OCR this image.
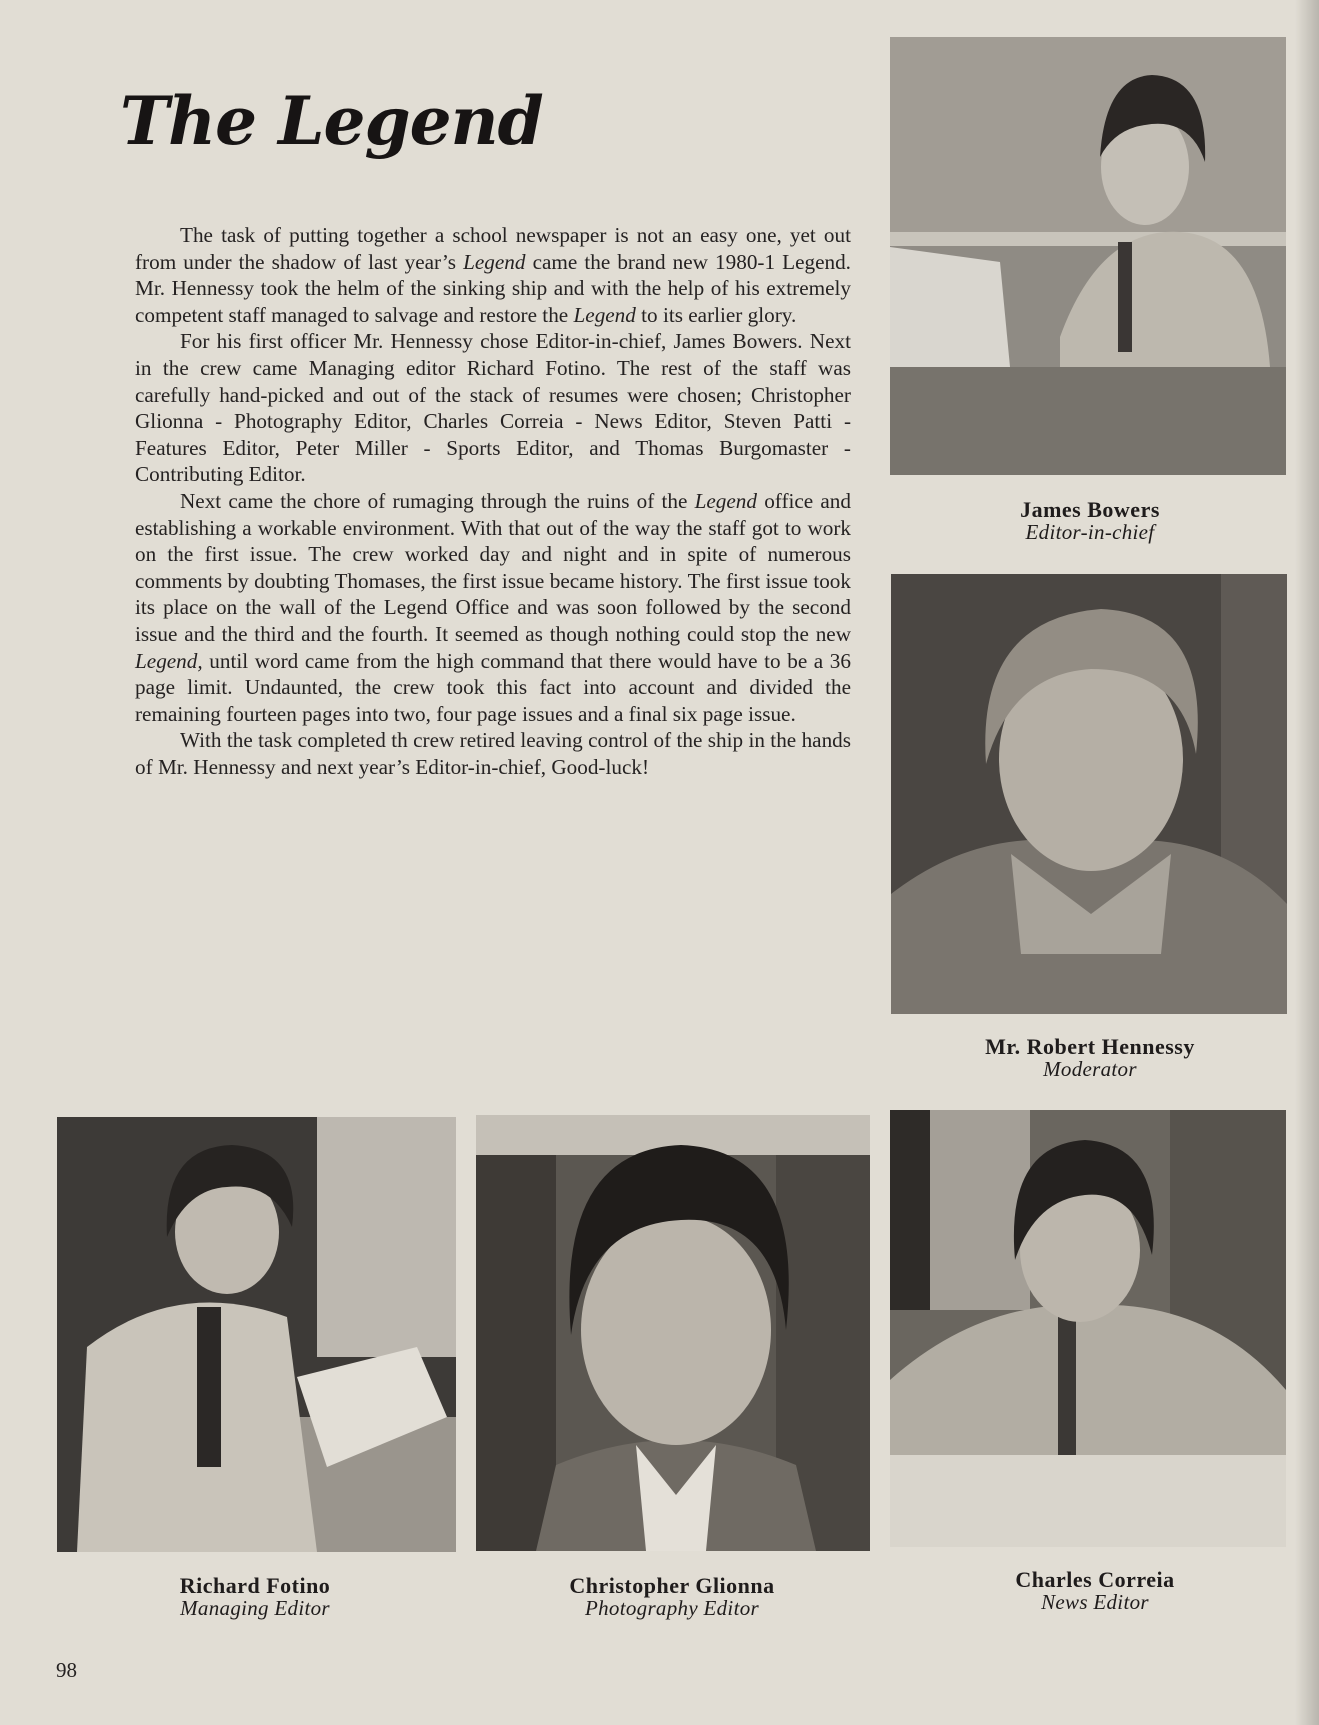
The Legend

The task of putting together a school newspaper is not an easy one, yet out from under the shadow of last year’s Legend came the brand new 1980-1 Legend. Mr. Hennessy took the helm of the sinking ship and with the help of his extremely competent staff managed to salvage and restore the Legend to its earlier glory.

For his first officer Mr. Hennessy chose Editor-in-chief, James Bowers. Next in the crew came Managing editor Richard Fotino. The rest of the staff was carefully hand-picked and out of the stack of resumes were chosen; Christopher Glionna - Photography Editor, Charles Correia - News Editor, Steven Patti - Features Editor, Peter Miller - Sports Editor, and Thomas Burgomaster - Contributing Editor.

Next came the chore of rumaging through the ruins of the Legend office and establishing a workable environment. With that out of the way the staff got to work on the first issue. The crew worked day and night and in spite of numerous comments by doubting Thomases, the first issue became history. The first issue took its place on the wall of the Legend Office and was soon followed by the second issue and the third and the fourth. It seemed as though nothing could stop the new Legend, until word came from the high command that there would have to be a 36 page limit. Undaunted, the crew took this fact into account and divided the remaining fourteen pages into two, four page issues and a final six page issue.

With the task completed th crew retired leaving control of the ship in the hands of Mr. Hennessy and next year’s Editor-in-chief, Good-luck!

James Bowers
Editor-in-chief
Mr. Robert Hennessy
Moderator
Richard Fotino
Managing Editor
Christopher Glionna
Photography Editor
Charles Correia
News Editor
98
